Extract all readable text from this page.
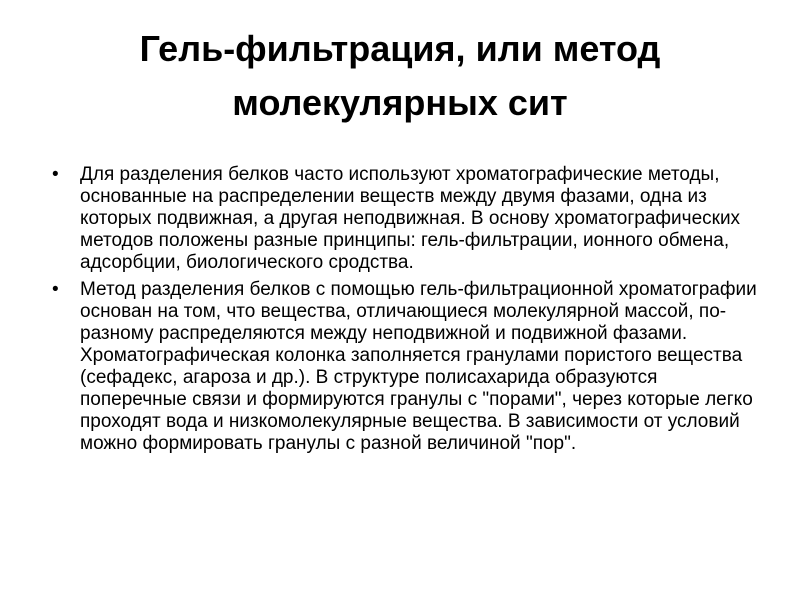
Гель-фильтрация, или метод молекулярных сит
•	Для разделения белков часто используют хроматографические методы, основанные на распределении веществ между двумя фазами, одна из которых подвижная, а другая неподвижная. В основу хроматографических методов положены разные принципы: гель-фильтрации, ионного обмена, адсорбции, биологического сродства.
•	Метод разделения белков с помощью гель-фильтрационной хроматографии основан на том, что вещества, отличающиеся молекулярной массой, по-разному распределяются между неподвижной и подвижной фазами. Хроматографическая колонка заполняется гранулами пористого вещества (сефадекс, агароза и др.). В структуре полисахарида образуются поперечные связи и формируются гранулы с "порами", через которые легко проходят вода и низкомолекулярные вещества. В зависимости от условий можно формировать гранулы с разной величиной "пор".
